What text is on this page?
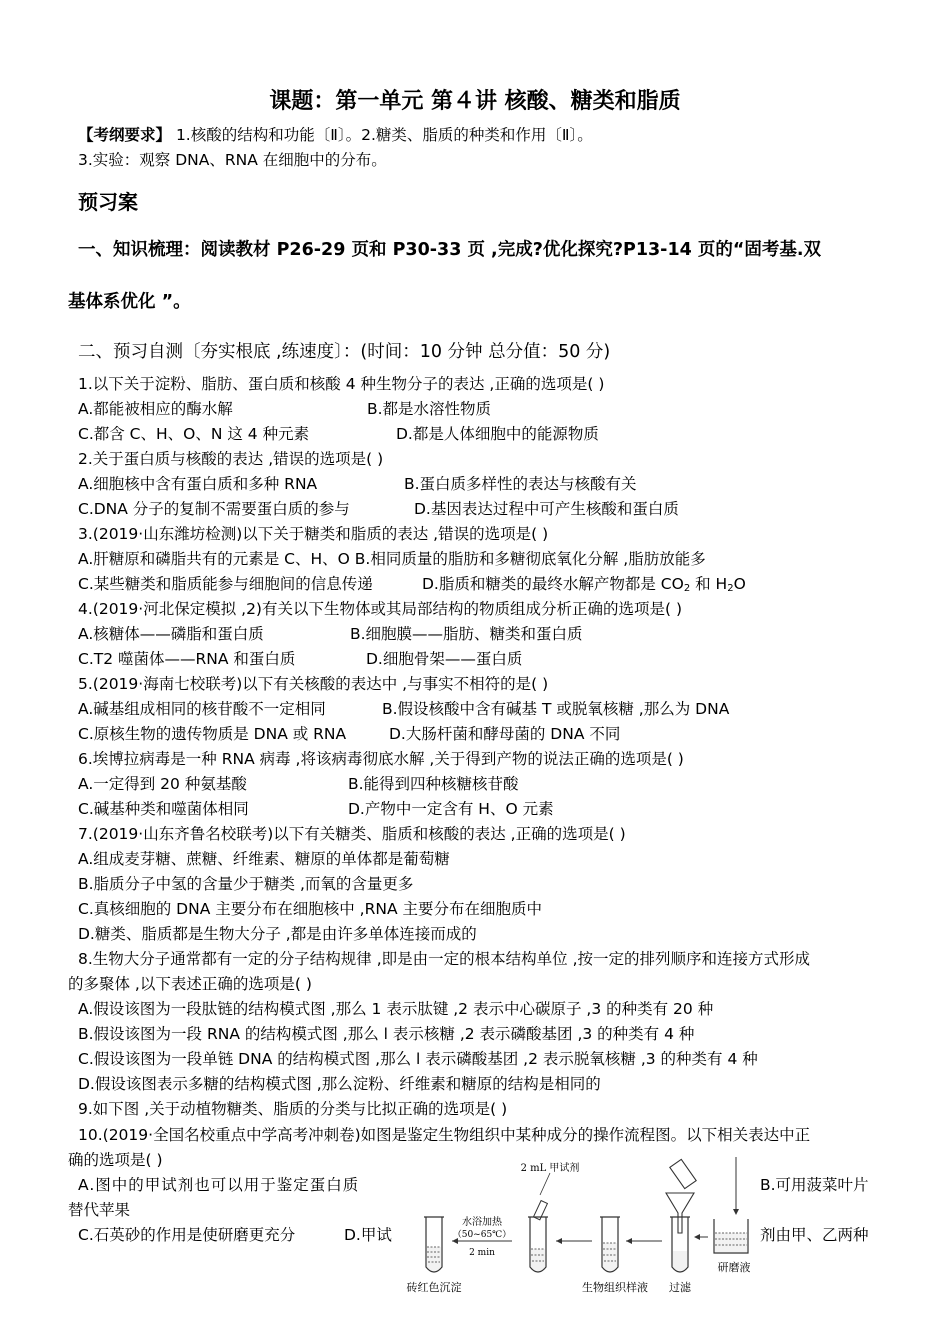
课题：第一单元 第４讲 核酸、糖类和脂质
【考纲要求】 1.核酸的结构和功能〔Ⅱ〕。2.糖类、脂质的种类和作用〔Ⅱ〕。
3.实验：观察 DNA、RNA 在细胞中的分布。
预习案
一、知识梳理：阅读教材 P26-29 页和 P30-33 页 ,完成?优化探究?P13-14 页的“固考基.双
基体系优化 ”。
二、预习自测〔夯实根底 ,练速度〕：(时间：10 分钟 总分值：50 分)
1.以下关于淀粉、脂肪、蛋白质和核酸 4 种生物分子的表达 ,正确的选项是( )
A.都能被相应的酶水解	B.都是水溶性物质
C.都含 C、H、O、N 这 4 种元素	D.都是人体细胞中的能源物质
2.关于蛋白质与核酸的表达 ,错误的选项是( )
A.细胞核中含有蛋白质和多种 RNA	B.蛋白质多样性的表达与核酸有关
C.DNA 分子的复制不需要蛋白质的参与	D.基因表达过程中可产生核酸和蛋白质
3.(2019·山东潍坊检测)以下关于糖类和脂质的表达 ,错误的选项是( )
A.肝糖原和磷脂共有的元素是 C、H、O B.相同质量的脂肪和多糖彻底氧化分解 ,脂肪放能多
C.某些糖类和脂质能参与细胞间的信息传递	D.脂质和糖类的最终水解产物都是 $CO_2$ 和 $H_2O$
4.(2019·河北保定模拟 ,2)有关以下生物体或其局部结构的物质组成分析正确的选项是( )
A.核糖体——磷脂和蛋白质	B.细胞膜——脂肪、糖类和蛋白质
C.T2 噬菌体——RNA 和蛋白质	D.细胞骨架——蛋白质
5.(2019·海南七校联考)以下有关核酸的表达中 ,与事实不相符的是( )
A.碱基组成相同的核苷酸不一定相同	B.假设核酸中含有碱基 T 或脱氧核糖 ,那么为 DNA
C.原核生物的遗传物质是 DNA 或 RNA	D.大肠杆菌和酵母菌的 DNA 不同
6.埃博拉病毒是一种 RNA 病毒 ,将该病毒彻底水解 ,关于得到产物的说法正确的选项是( )
A.一定得到 20 种氨基酸	B.能得到四种核糖核苷酸
C.碱基种类和噬菌体相同	D.产物中一定含有 H、O 元素
7.(2019·山东齐鲁名校联考)以下有关糖类、脂质和核酸的表达 ,正确的选项是( )
A.组成麦芽糖、蔗糖、纤维素、糖原的单体都是葡萄糖
B.脂质分子中氢的含量少于糖类 ,而氧的含量更多
C.真核细胞的 DNA 主要分布在细胞核中 ,RNA 主要分布在细胞质中
D.糖类、脂质都是生物大分子 ,都是由许多单体连接而成的
8.生物大分子通常都有一定的分子结构规律 ,即是由一定的根本结构单位 ,按一定的排列顺序和连接方式形成
的多聚体 ,以下表述正确的选项是( )
A.假设该图为一段肽链的结构模式图 ,那么 1 表示肽键 ,2 表示中心碳原子 ,3 的种类有 20 种
B.假设该图为一段 RNA 的结构模式图 ,那么 l 表示核糖 ,2 表示磷酸基团 ,3 的种类有 4 种
C.假设该图为一段单链 DNA 的结构模式图 ,那么 l 表示磷酸基团 ,2 表示脱氧核糖 ,3 的种类有 4 种
D.假设该图表示多糖的结构模式图 ,那么淀粉、纤维素和糖原的结构是相同的
9.如下图 ,关于动植物糖类、脂质的分类与比拟正确的选项是( )
10.(2019·全国名校重点中学高考冲刺卷)如图是鉴定生物组织中某种成分的操作流程图。以下相关表达中正
确的选项是( )
A.图中的甲试剂也可以用于鉴定蛋白质	B.可用菠菜叶片
替代苹果
C.石英砂的作用是使研磨更充分	D.甲试	剂由甲、乙两种
砖红色沉淀
水浴加热
（50~65℃）
2 min
2 mL 甲试剂
生物组织样液 过滤
研磨液
